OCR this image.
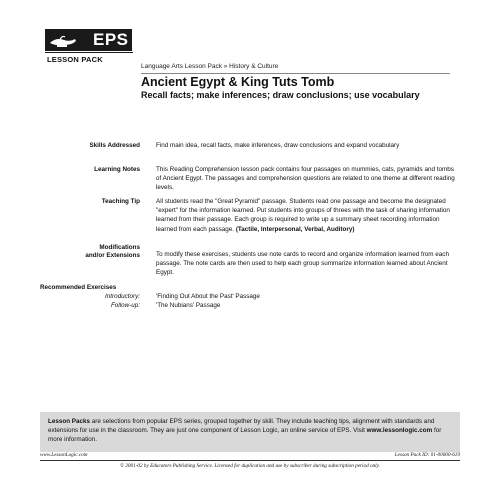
EPS
LESSON PACK
Language Arts Lesson Pack » History & Culture
Ancient Egypt & King Tuts Tomb
Recall facts; make inferences; draw conclusions; use vocabulary
Skills Addressed	Find main idea, recall facts, make inferences, draw conclusions and expand vocabulary
Learning Notes	This Reading Comprehension lesson pack contains four passages on mummies, cats, pyramids and tombs of Ancient Egypt. The passages and comprehension questions are related to one theme at different reading levels.
Teaching Tip	All students read the "Great Pyramid" passage. Students read one passage and become the designated "expert" for the information learned. Put students into groups of threes with the task of sharing information learned from their passage. Each group is required to write up a summary sheet recording information learned from each passage. (Tactile, Interpersonal, Verbal, Auditory)
Modifications
and/or Extensions	To modify these exercises, students use note cards to record and organize information learned from each passage. The note cards are then used to help each group summarize information learned about Ancient Egypt.
Recommended Exercises
Introductory:	'Finding Out About the Past' Passage
Follow-up:	'The Nubians' Passage
Lesson Packs are selections from popular EPS series, grouped together by skill. They include teaching tips, alignment with standards and extensions for use in the classroom. They are just one component of Lesson Logic, an online service of EPS. Visit www.lessonlogic.com for more information.
www.LessonLogic.com	Lesson Pack ID: 01-00000-619
© 2001-02 by Educators Publishing Service. Licensed for duplication and use by subscriber during subscription period only.
